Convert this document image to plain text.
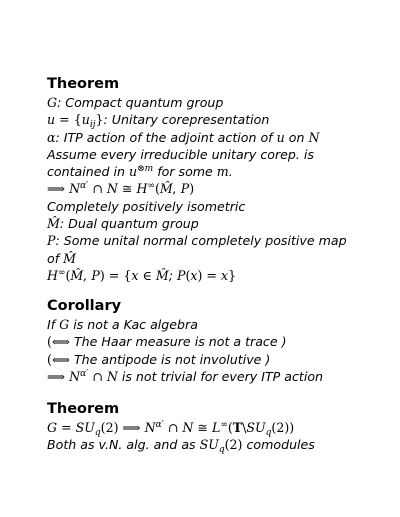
Theorem
G: Compact quantum group
$u = \{u_{ij}\}$: Unitary corepresentation
α: ITP action of the adjoint action of u on N
Assume every irreducible unitary corep. is
contained in $u^{\otimes m}$ for some m.
⟹ $N^{\alpha'}$ ∩ N ≅ H∞(M̂, P)
Completely positively isometric
M̂: Dual quantum group
P: Some unital normal completely positive map
of M̂
H∞(M̂, P) = {x ∈ M̂; P(x) = x}
Corollary
If G is not a Kac algebra
(⟺ The Haar measure is not a trace )
(⟺ The antipode is not involutive )
⟹ $N^{\alpha'}$ ∩ N is not trivial for every ITP action
Theorem
$G = SU_q(2)$ ⟹ $N^{\alpha'}$ ∩ N ≅ $L^\infty(T\backslash SU_q(2))$
Both as v.N. alg. and as $SU_q(2)$ comodules
